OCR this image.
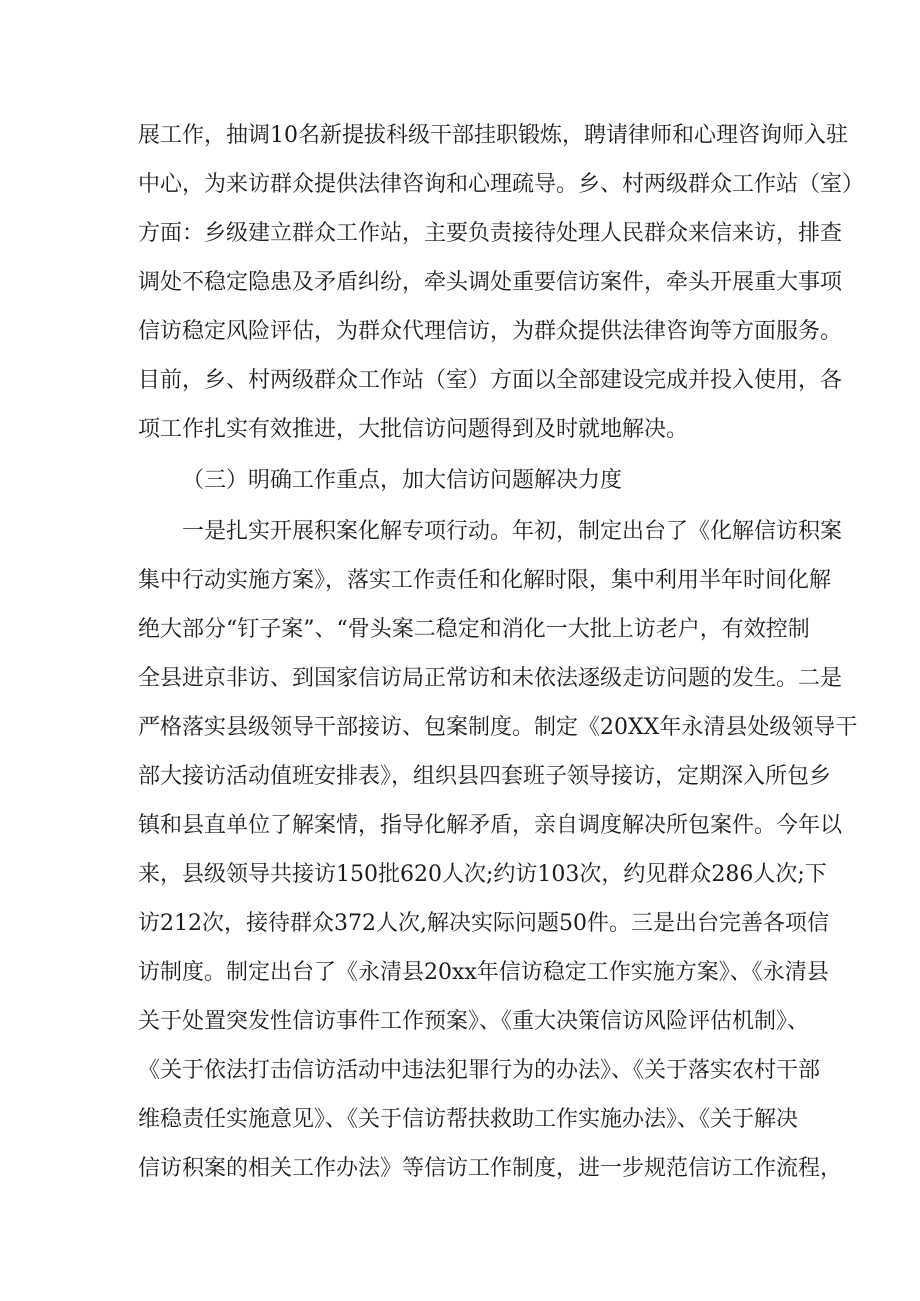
展工作，抽调10名新提拔科级干部挂职锻炼，聘请律师和心理咨询师入驻
中心，为来访群众提供法律咨询和心理疏导。乡、村两级群众工作站（室）
方面：乡级建立群众工作站，主要负责接待处理人民群众来信来访，排查
调处不稳定隐患及矛盾纠纷，牵头调处重要信访案件，牵头开展重大事项
信访稳定风险评估，为群众代理信访，为群众提供法律咨询等方面服务。
目前，乡、村两级群众工作站（室）方面以全部建设完成并投入使用，各
项工作扎实有效推进，大批信访问题得到及时就地解决。
（三）明确工作重点，加大信访问题解决力度
一是扎实开展积案化解专项行动。年初，制定出台了《化解信访积案
集中行动实施方案》，落实工作责任和化解时限，集中利用半年时间化解
绝大部分“钉子案”、“骨头案二稳定和消化一大批上访老户，有效控制
全县进京非访、到国家信访局正常访和未依法逐级走访问题的发生。二是
严格落实县级领导干部接访、包案制度。制定《20XX年永清县处级领导干
部大接访活动值班安排表》，组织县四套班子领导接访，定期深入所包乡
镇和县直单位了解案情，指导化解矛盾，亲自调度解决所包案件。今年以
来，县级领导共接访150批620人次;约访103次，约见群众286人次;下
访212次，接待群众372人次,解决实际问题50件。三是出台完善各项信
访制度。制定出台了《永清县20xx年信访稳定工作实施方案》、《永清县
关于处置突发性信访事件工作预案》、《重大决策信访风险评估机制》、
《关于依法打击信访活动中违法犯罪行为的办法》、《关于落实农村干部
维稳责任实施意见》、《关于信访帮扶救助工作实施办法》、《关于解决
信访积案的相关工作办法》等信访工作制度，进一步规范信访工作流程，
